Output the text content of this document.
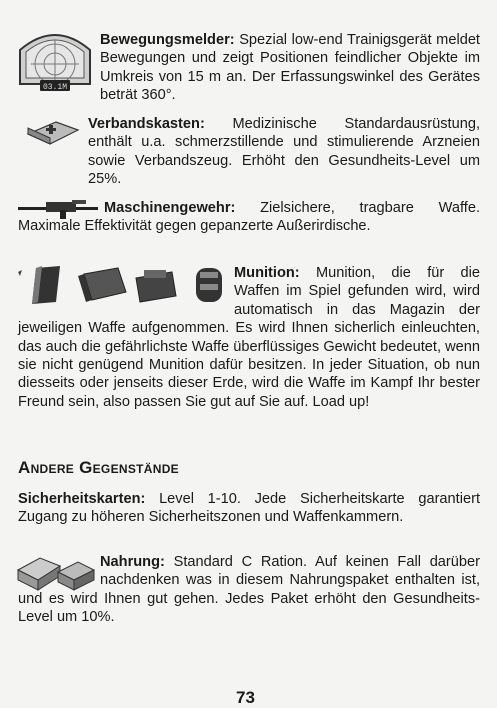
03.1M
Bewegungsmelder: Spezial low-end Trainigsgerät meldet Bewegungen und zeigt Positionen feindlicher Objekte im Umkreis von 15 m an. Der Erfassungswinkel des Gerätes beträt 360°.
Verbandskasten: Medizinische Standardausrüstung, enthält u.a. schmerzstillende und stimulierende Arzneien sowie Verbandszeug. Erhöht den Gesundheits-Level um 25%.
Maschinengewehr: Zielsichere, tragbare Waffe. Maximale Effektivität gegen gepanzerte Außerirdische.
Munition: Munition, die für die Waffen im Spiel gefunden wird, wird automatisch in das Magazin der jeweiligen Waffe aufgenommen. Es wird Ihnen sicherlich einleuchten, das auch die gefährlichste Waffe überflüssiges Gewicht bedeutet, wenn sie nicht genügend Munition dafür besitzen. In jeder Situation, ob nun diesseits oder jenseits dieser Erde, wird die Waffe im Kampf Ihr bester Freund sein, also passen Sie gut auf Sie auf. Load up!
Andere Gegenstände
Sicherheitskarten: Level 1-10. Jede Sicherheitskarte garantiert Zugang zu höheren Sicherheitszonen und Waffenkammern.
Nahrung: Standard C Ration. Auf keinen Fall darüber nachdenken was in diesem Nahrungspaket enthalten ist, und es wird Ihnen gut gehen. Jedes Paket erhöht den Gesundheits-Level um 10%.
73
